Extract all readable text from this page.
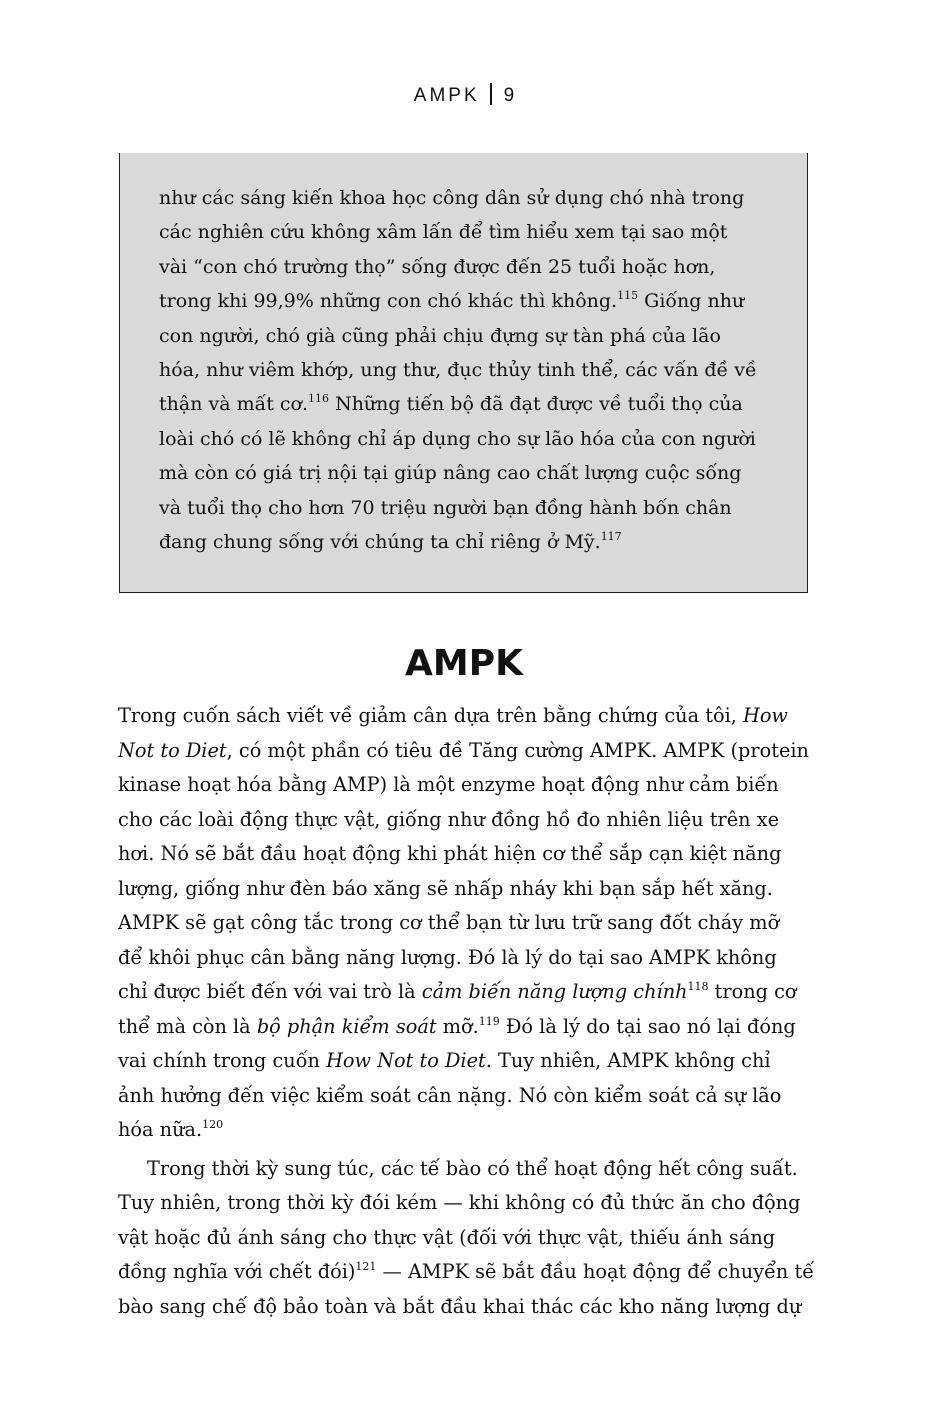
AMPK 9
như các sáng kiến khoa học công dân sử dụng chó nhà trong
các nghiên cứu không xâm lấn để tìm hiểu xem tại sao một
vài “con chó trường thọ” sống được đến 25 tuổi hoặc hơn,
trong khi 99,9% những con chó khác thì không.$^{115}$ Giống như
con người, chó già cũng phải chịu đựng sự tàn phá của lão
hóa, như viêm khớp, ung thư, đục thủy tinh thể, các vấn đề về
thận và mất cơ.$^{116}$ Những tiến bộ đã đạt được về tuổi thọ của
loài chó có lẽ không chỉ áp dụng cho sự lão hóa của con người
mà còn có giá trị nội tại giúp nâng cao chất lượng cuộc sống
và tuổi thọ cho hơn 70 triệu người bạn đồng hành bốn chân
đang chung sống với chúng ta chỉ riêng ở Mỹ.$^{117}$
AMPK
Trong cuốn sách viết về giảm cân dựa trên bằng chứng của tôi, How
Not to Diet, có một phần có tiêu đề Tăng cường AMPK. AMPK (protein
kinase hoạt hóa bằng AMP) là một enzyme hoạt động như cảm biến
cho các loài động thực vật, giống như đồng hồ đo nhiên liệu trên xe
hơi. Nó sẽ bắt đầu hoạt động khi phát hiện cơ thể sắp cạn kiệt năng
lượng, giống như đèn báo xăng sẽ nhấp nháy khi bạn sắp hết xăng.
AMPK sẽ gạt công tắc trong cơ thể bạn từ lưu trữ sang đốt cháy mỡ
để khôi phục cân bằng năng lượng. Đó là lý do tại sao AMPK không
chỉ được biết đến với vai trò là cảm biến năng lượng chính$^{118}$ trong cơ
thể mà còn là bộ phận kiểm soát mỡ.$^{119}$ Đó là lý do tại sao nó lại đóng
vai chính trong cuốn How Not to Diet. Tuy nhiên, AMPK không chỉ
ảnh hưởng đến việc kiểm soát cân nặng. Nó còn kiểm soát cả sự lão
hóa nữa.$^{120}$
Trong thời kỳ sung túc, các tế bào có thể hoạt động hết công suất.
Tuy nhiên, trong thời kỳ đói kém — khi không có đủ thức ăn cho động
vật hoặc đủ ánh sáng cho thực vật (đối với thực vật, thiếu ánh sáng
đồng nghĩa với chết đói)$^{121}$ — AMPK sẽ bắt đầu hoạt động để chuyển tế
bào sang chế độ bảo toàn và bắt đầu khai thác các kho năng lượng dự
